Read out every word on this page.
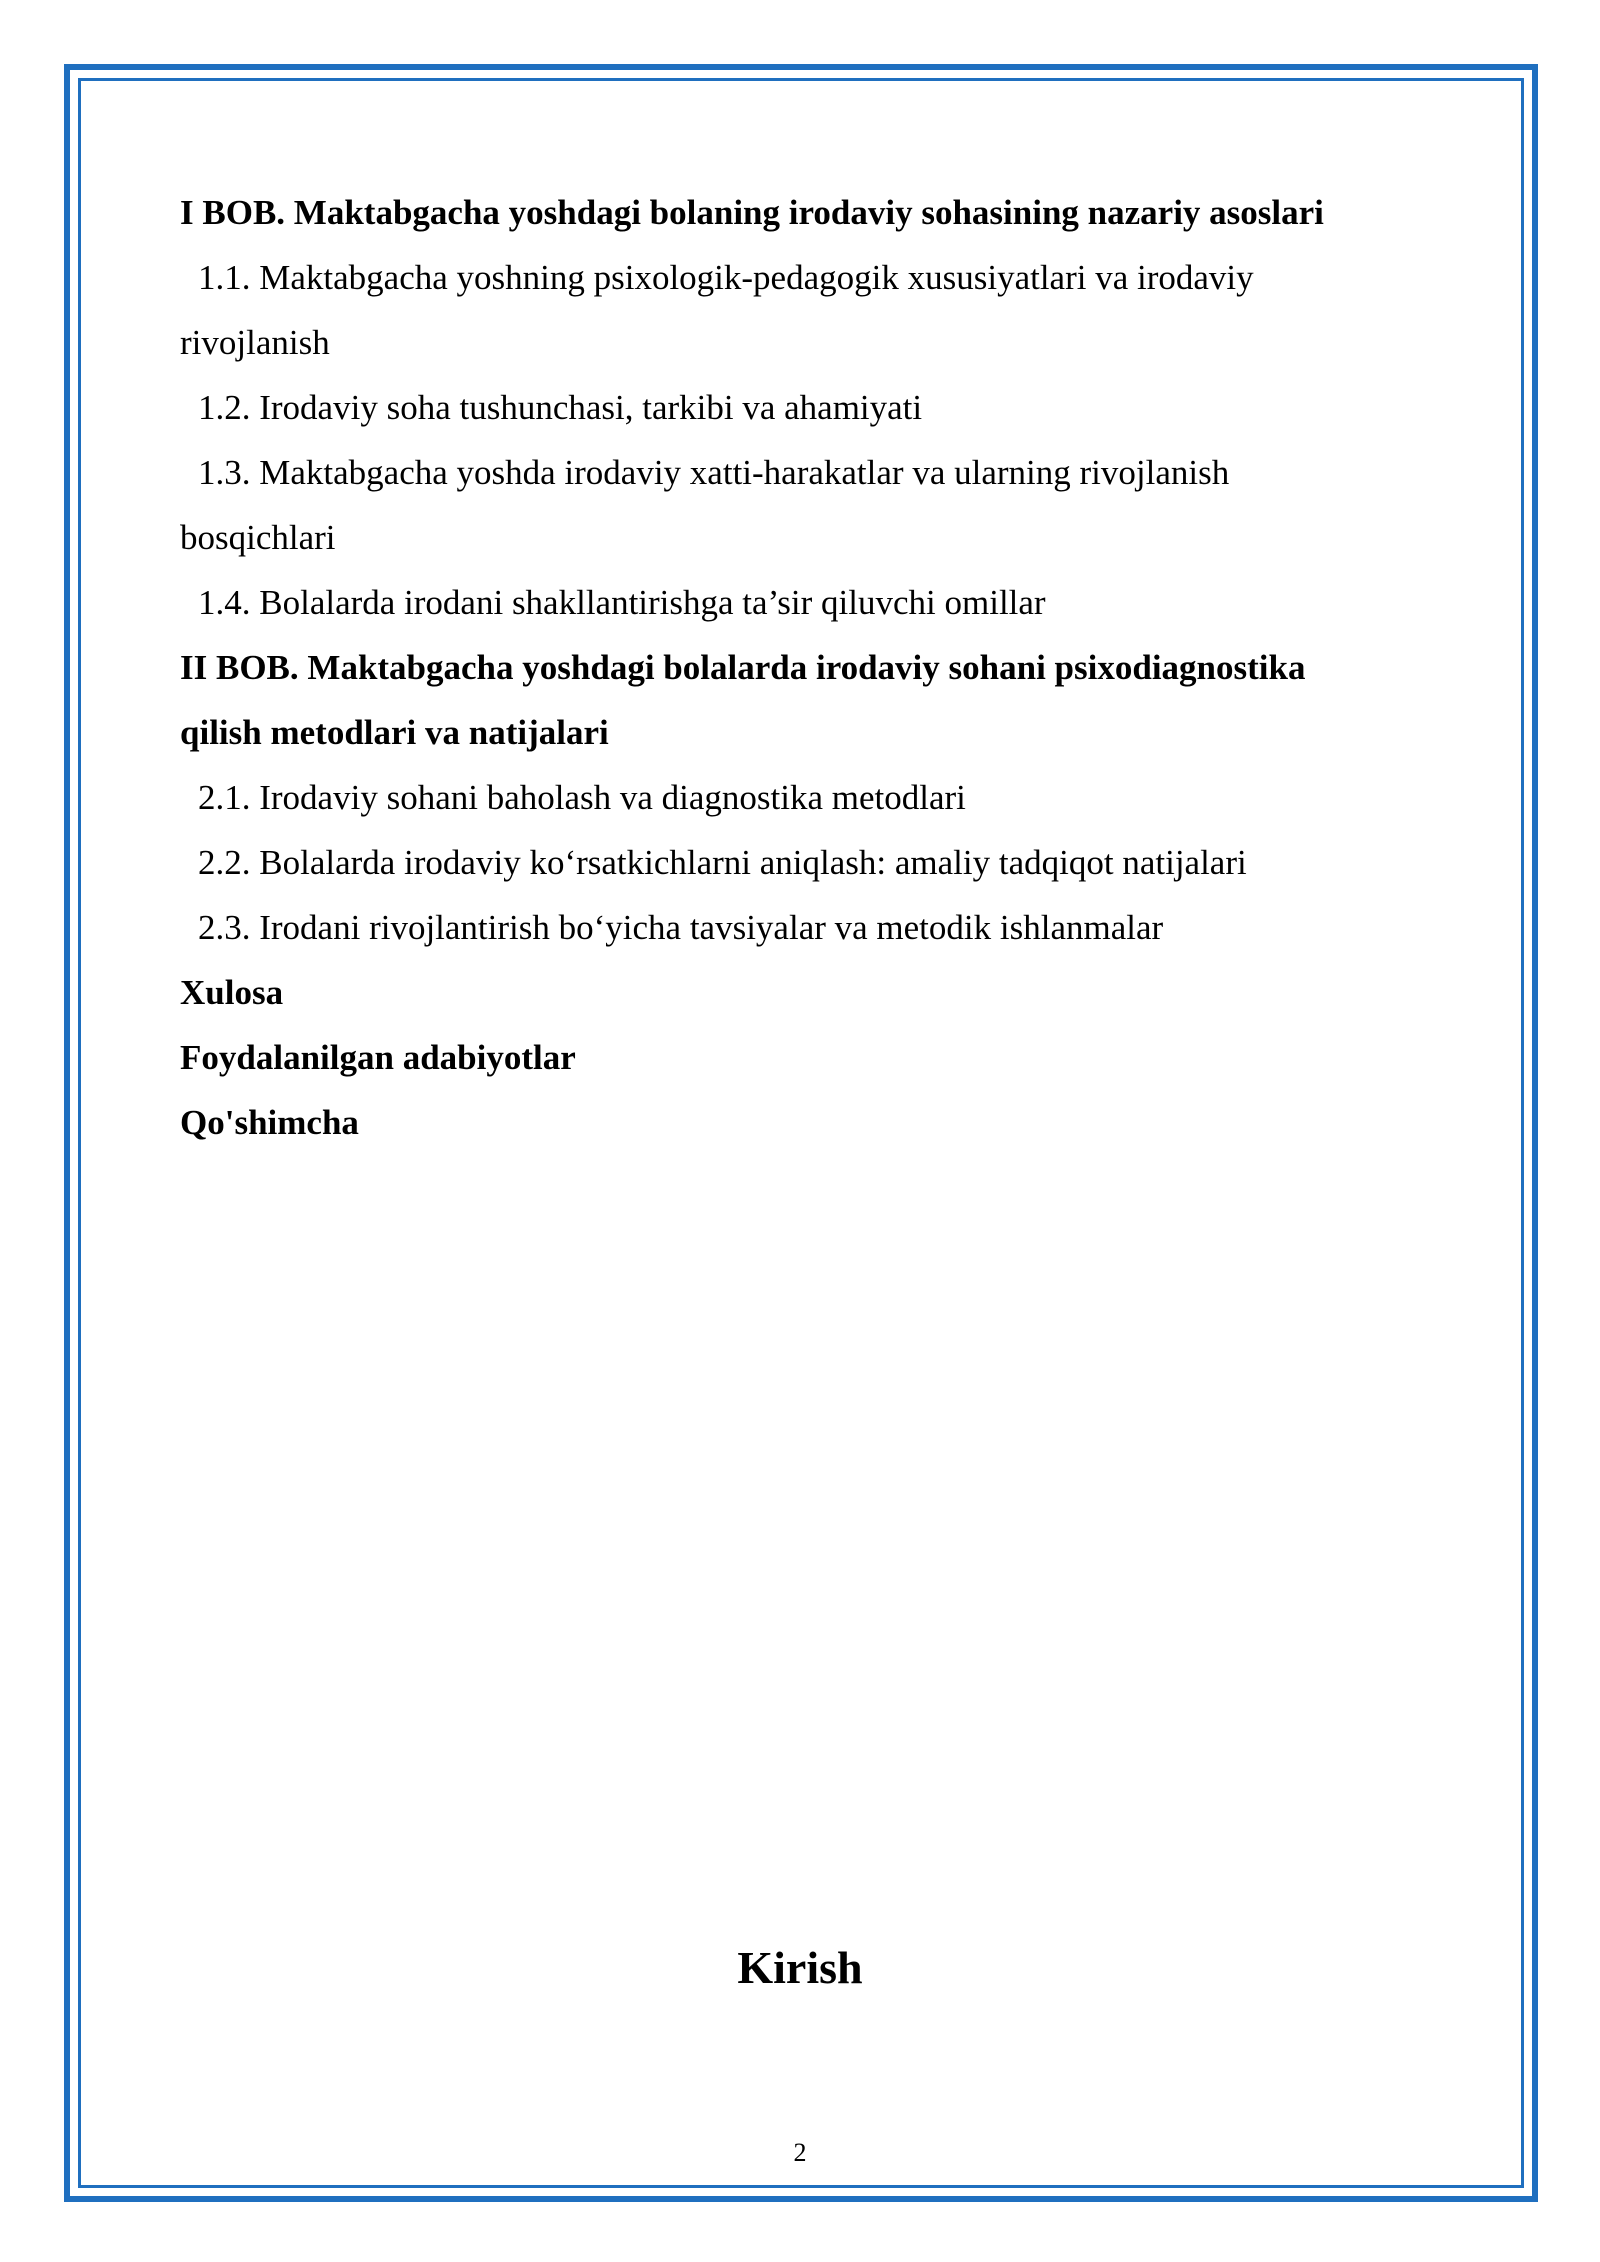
I BOB. Maktabgacha yoshdagi bolaning irodaviy sohasining nazariy asoslari
1.1. Maktabgacha yoshning psixologik-pedagogik xususiyatlari va irodaviy
rivojlanish
1.2. Irodaviy soha tushunchasi, tarkibi va ahamiyati
1.3. Maktabgacha yoshda irodaviy xatti-harakatlar va ularning rivojlanish
bosqichlari
1.4. Bolalarda irodani shakllantirishga ta’sir qiluvchi omillar
II BOB. Maktabgacha yoshdagi bolalarda irodaviy sohani psixodiagnostika
qilish metodlari va natijalari
2.1. Irodaviy sohani baholash va diagnostika metodlari
2.2. Bolalarda irodaviy ko‘rsatkichlarni aniqlash: amaliy tadqiqot natijalari
2.3. Irodani rivojlantirish bo‘yicha tavsiyalar va metodik ishlanmalar
Xulosa
Foydalanilgan adabiyotlar
Qo'shimcha
Kirish
2
